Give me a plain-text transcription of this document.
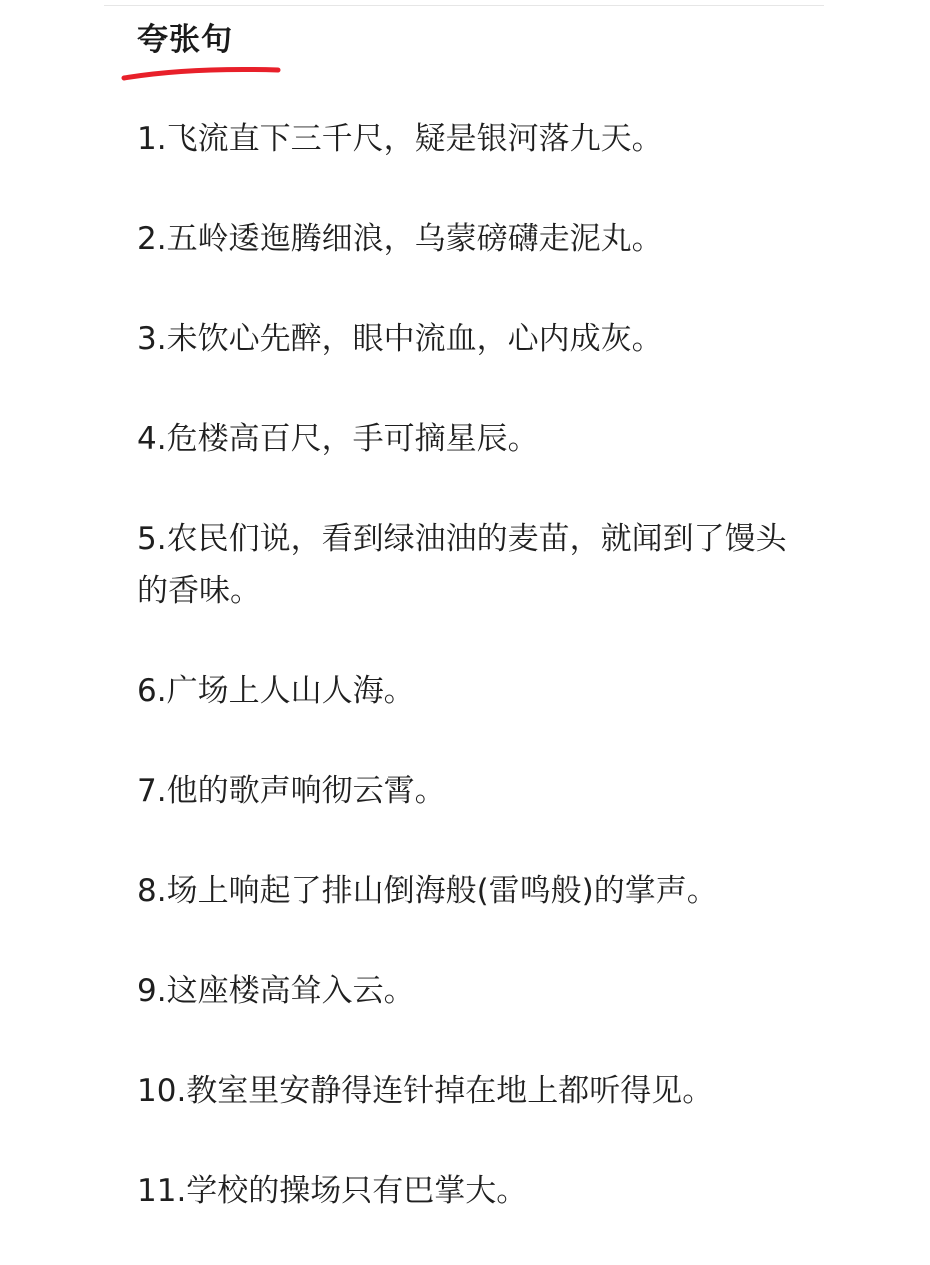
夸张句
1.飞流直下三千尺，疑是银河落九天。
2.五岭逶迤腾细浪，乌蒙磅礴走泥丸。
3.未饮心先醉，眼中流血，心内成灰。
4.危楼高百尺，手可摘星辰。
5.农民们说，看到绿油油的麦苗，就闻到了馒头的香味。
6.广场上人山人海。
7.他的歌声响彻云霄。
8.场上响起了排山倒海般(雷鸣般)的掌声。
9.这座楼高耸入云。
10.教室里安静得连针掉在地上都听得见。
11.学校的操场只有巴掌大。
